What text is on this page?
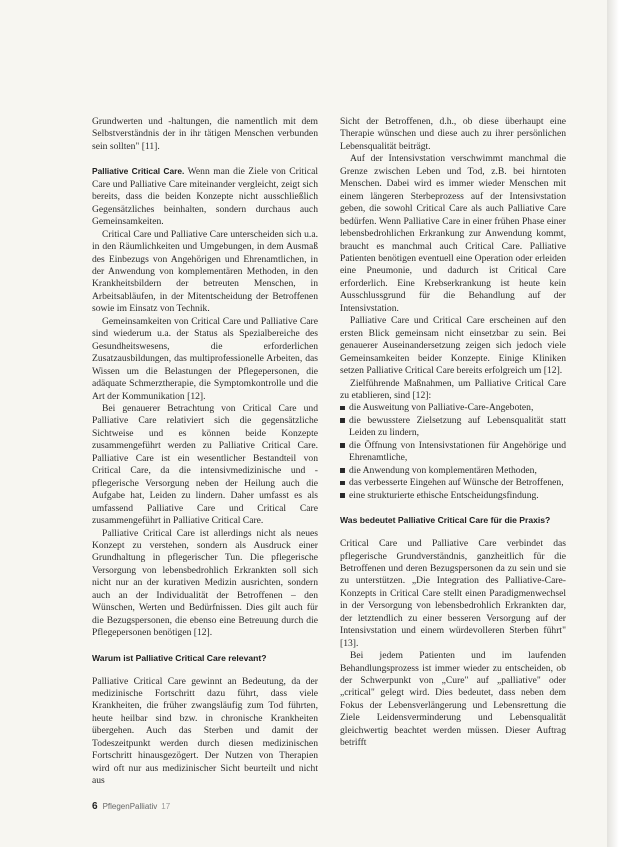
Grundwerten und -haltungen, die namentlich mit dem Selbstverständnis der in ihr tätigen Menschen verbunden sein sollten" [11].

Palliative Critical Care. Wenn man die Ziele von Critical Care und Palliative Care miteinander vergleicht, zeigt sich bereits, dass die beiden Konzepte nicht ausschließlich Gegensätzliches beinhalten, sondern durchaus auch Gemeinsamkeiten.

Critical Care und Palliative Care unterscheiden sich u.a. in den Räumlichkeiten und Umgebungen, in dem Ausmaß des Einbezugs von Angehörigen und Ehrenamtlichen, in der Anwendung von komplementären Methoden, in den Krankheitsbildern der betreuten Menschen, in Arbeitsabläufen, in der Mitentscheidung der Betroffenen sowie im Einsatz von Technik.

Gemeinsamkeiten von Critical Care und Palliative Care sind wiederum u.a. der Status als Spezialbereiche des Gesundheitswesens, die erforderlichen Zusatzausbildungen, das multiprofessionelle Arbeiten, das Wissen um die Belastungen der Pflegepersonen, die adäquate Schmerztherapie, die Symptomkontrolle und die Art der Kommunikation [12].

Bei genauerer Betrachtung von Critical Care und Palliative Care relativiert sich die gegensätzliche Sichtweise und es können beide Konzepte zusammengeführt werden zu Palliative Critical Care. Palliative Care ist ein wesentlicher Bestandteil von Critical Care, da die intensivmedizinische und -pflegerische Versorgung neben der Heilung auch die Aufgabe hat, Leiden zu lindern. Daher umfasst es als umfassend Palliative Care und Critical Care zusammengeführt in Palliative Critical Care.

Palliative Critical Care ist allerdings nicht als neues Konzept zu verstehen, sondern als Ausdruck einer Grundhaltung in pflegerischer Tun. Die pflegerische Versorgung von lebensbedrohlich Erkrankten soll sich nicht nur an der kurativen Medizin ausrichten, sondern auch an der Individualität der Betroffenen – den Wünschen, Werten und Bedürfnissen. Dies gilt auch für die Bezugspersonen, die ebenso eine Betreuung durch die Pflegepersonen benötigen [12].

Warum ist Palliative Critical Care relevant?

Palliative Critical Care gewinnt an Bedeutung, da der medizinische Fortschritt dazu führt, dass viele Krankheiten, die früher zwangsläufig zum Tod führten, heute heilbar sind bzw. in chronische Krankheiten übergehen. Auch das Sterben und damit der Todeszeitpunkt werden durch diesen medizinischen Fortschritt hinausgezögert. Der Nutzen von Therapien wird oft nur aus medizinischer Sicht beurteilt und nicht aus

Sicht der Betroffenen, d.h., ob diese überhaupt eine Therapie wünschen und diese auch zu ihrer persönlichen Lebensqualität beiträgt.

Auf der Intensivstation verschwimmt manchmal die Grenze zwischen Leben und Tod, z.B. bei hirntoten Menschen. Dabei wird es immer wieder Menschen mit einem längeren Sterbeprozess auf der Intensivstation geben, die sowohl Critical Care als auch Palliative Care bedürfen. Wenn Palliative Care in einer frühen Phase einer lebensbedrohlichen Erkrankung zur Anwendung kommt, braucht es manchmal auch Critical Care. Palliative Patienten benötigen eventuell eine Operation oder erleiden eine Pneumonie, und dadurch ist Critical Care erforderlich. Eine Krebserkrankung ist heute kein Ausschlussgrund für die Behandlung auf der Intensivstation.

Palliative Care und Critical Care erscheinen auf den ersten Blick gemeinsam nicht einsetzbar zu sein. Bei genauerer Auseinandersetzung zeigen sich jedoch viele Gemeinsamkeiten beider Konzepte. Einige Kliniken setzen Palliative Critical Care bereits erfolgreich um [12].

Zielführende Maßnahmen, um Palliative Critical Care zu etablieren, sind [12]:

die Ausweitung von Palliative-Care-Angeboten,
die bewusstere Zielsetzung auf Lebensqualität statt Leiden zu lindern,
die Öffnung von Intensivstationen für Angehörige und Ehrenamtliche,
die Anwendung von komplementären Methoden,
das verbesserte Eingehen auf Wünsche der Betroffenen,
eine strukturierte ethische Entscheidungsfindung.
Was bedeutet Palliative Critical Care für die Praxis?

Critical Care und Palliative Care verbindet das pflegerische Grundverständnis, ganzheitlich für die Betroffenen und deren Bezugspersonen da zu sein und sie zu unterstützen. „Die Integration des Palliative-Care-Konzepts in Critical Care stellt einen Paradigmenwechsel in der Versorgung von lebensbedrohlich Erkrankten dar, der letztendlich zu einer besseren Versorgung auf der Intensivstation und einem würdevolleren Sterben führt" [13].

Bei jedem Patienten und im laufenden Behandlungsprozess ist immer wieder zu entscheiden, ob der Schwerpunkt von „Cure" auf „palliative" oder „critical" gelegt wird. Dies bedeutet, dass neben dem Fokus der Lebensverlängerung und Lebensrettung die Ziele Leidensverminderung und Lebensqualität gleichwertig beachtet werden müssen. Dieser Auftrag betrifft

6 PflegenPalliativ 17
